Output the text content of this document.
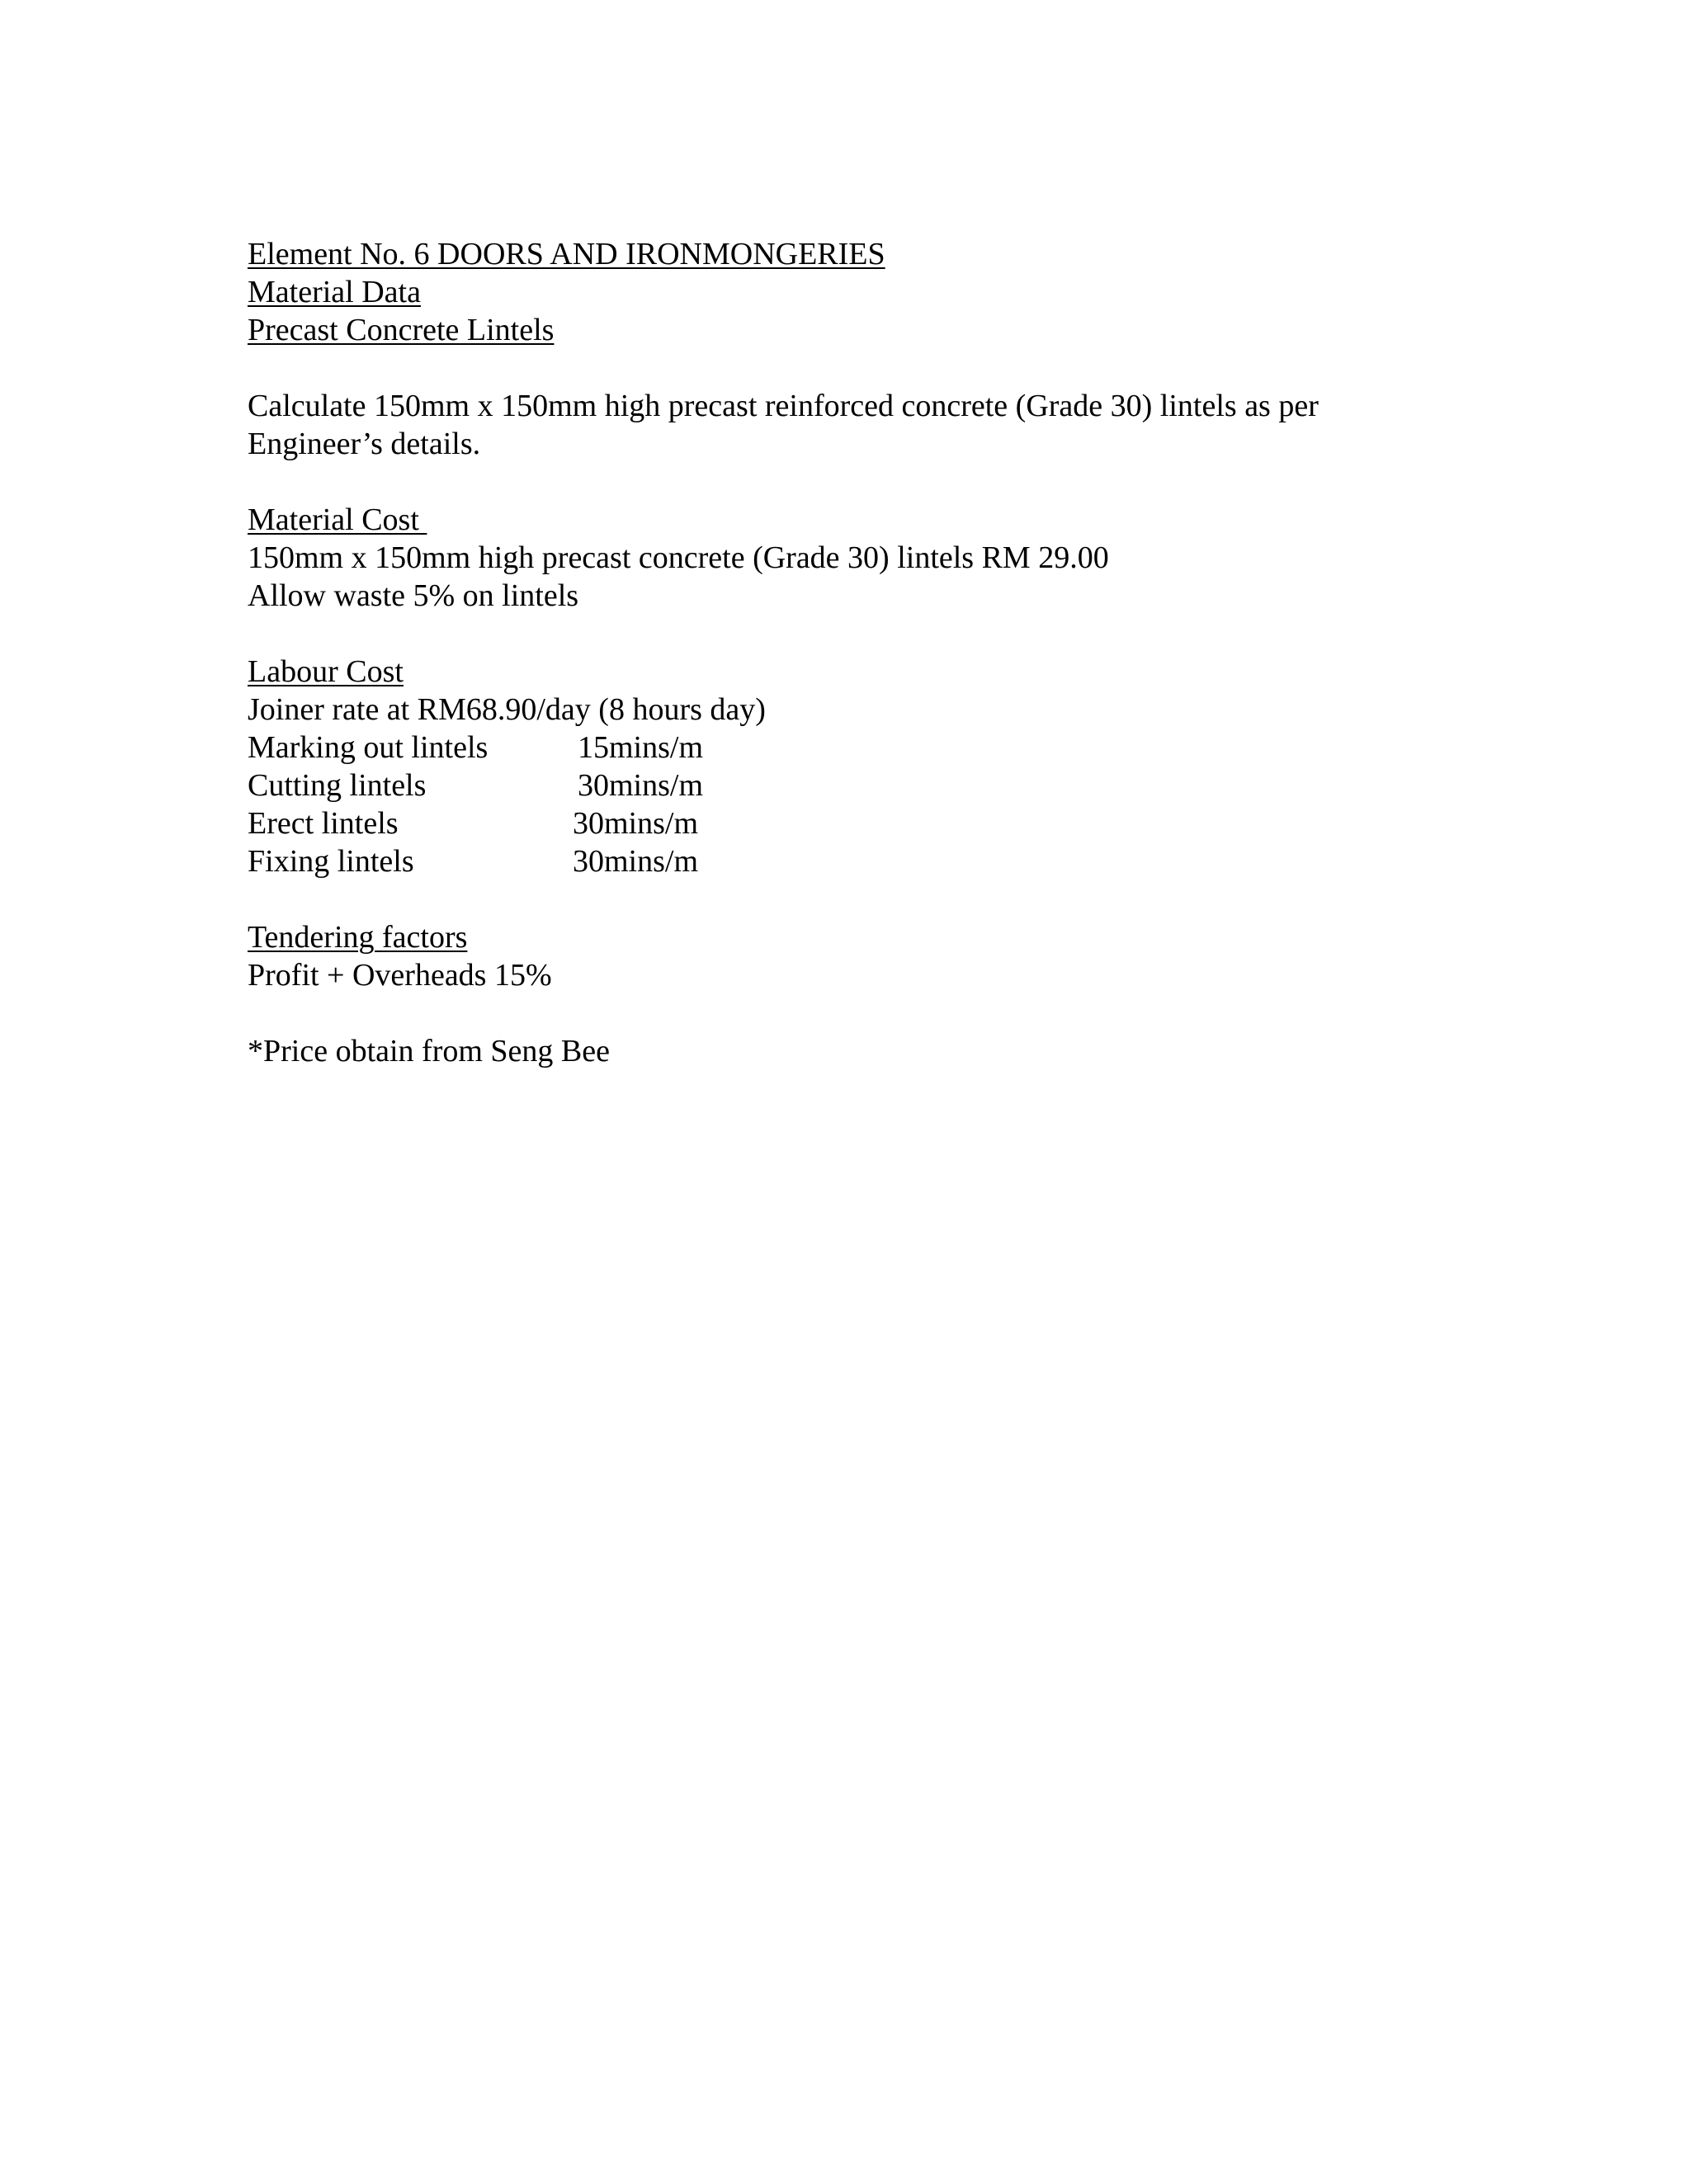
Element No. 6 DOORS AND IRONMONGERIES
Material Data
Precast Concrete Lintels
Calculate 150mm x 150mm high precast reinforced concrete (Grade 30) lintels as per
Engineer’s details.
Material Cost
150mm x 150mm high precast concrete (Grade 30) lintels RM 29.00
Allow waste 5% on lintels
Labour Cost
Joiner rate at RM68.90/day (8 hours day)
Marking out lintels	15mins/m
Cutting lintels	30mins/m
Erect lintels	30mins/m
Fixing lintels	30mins/m
Tendering factors
Profit + Overheads 15%
*Price obtain from Seng Bee
